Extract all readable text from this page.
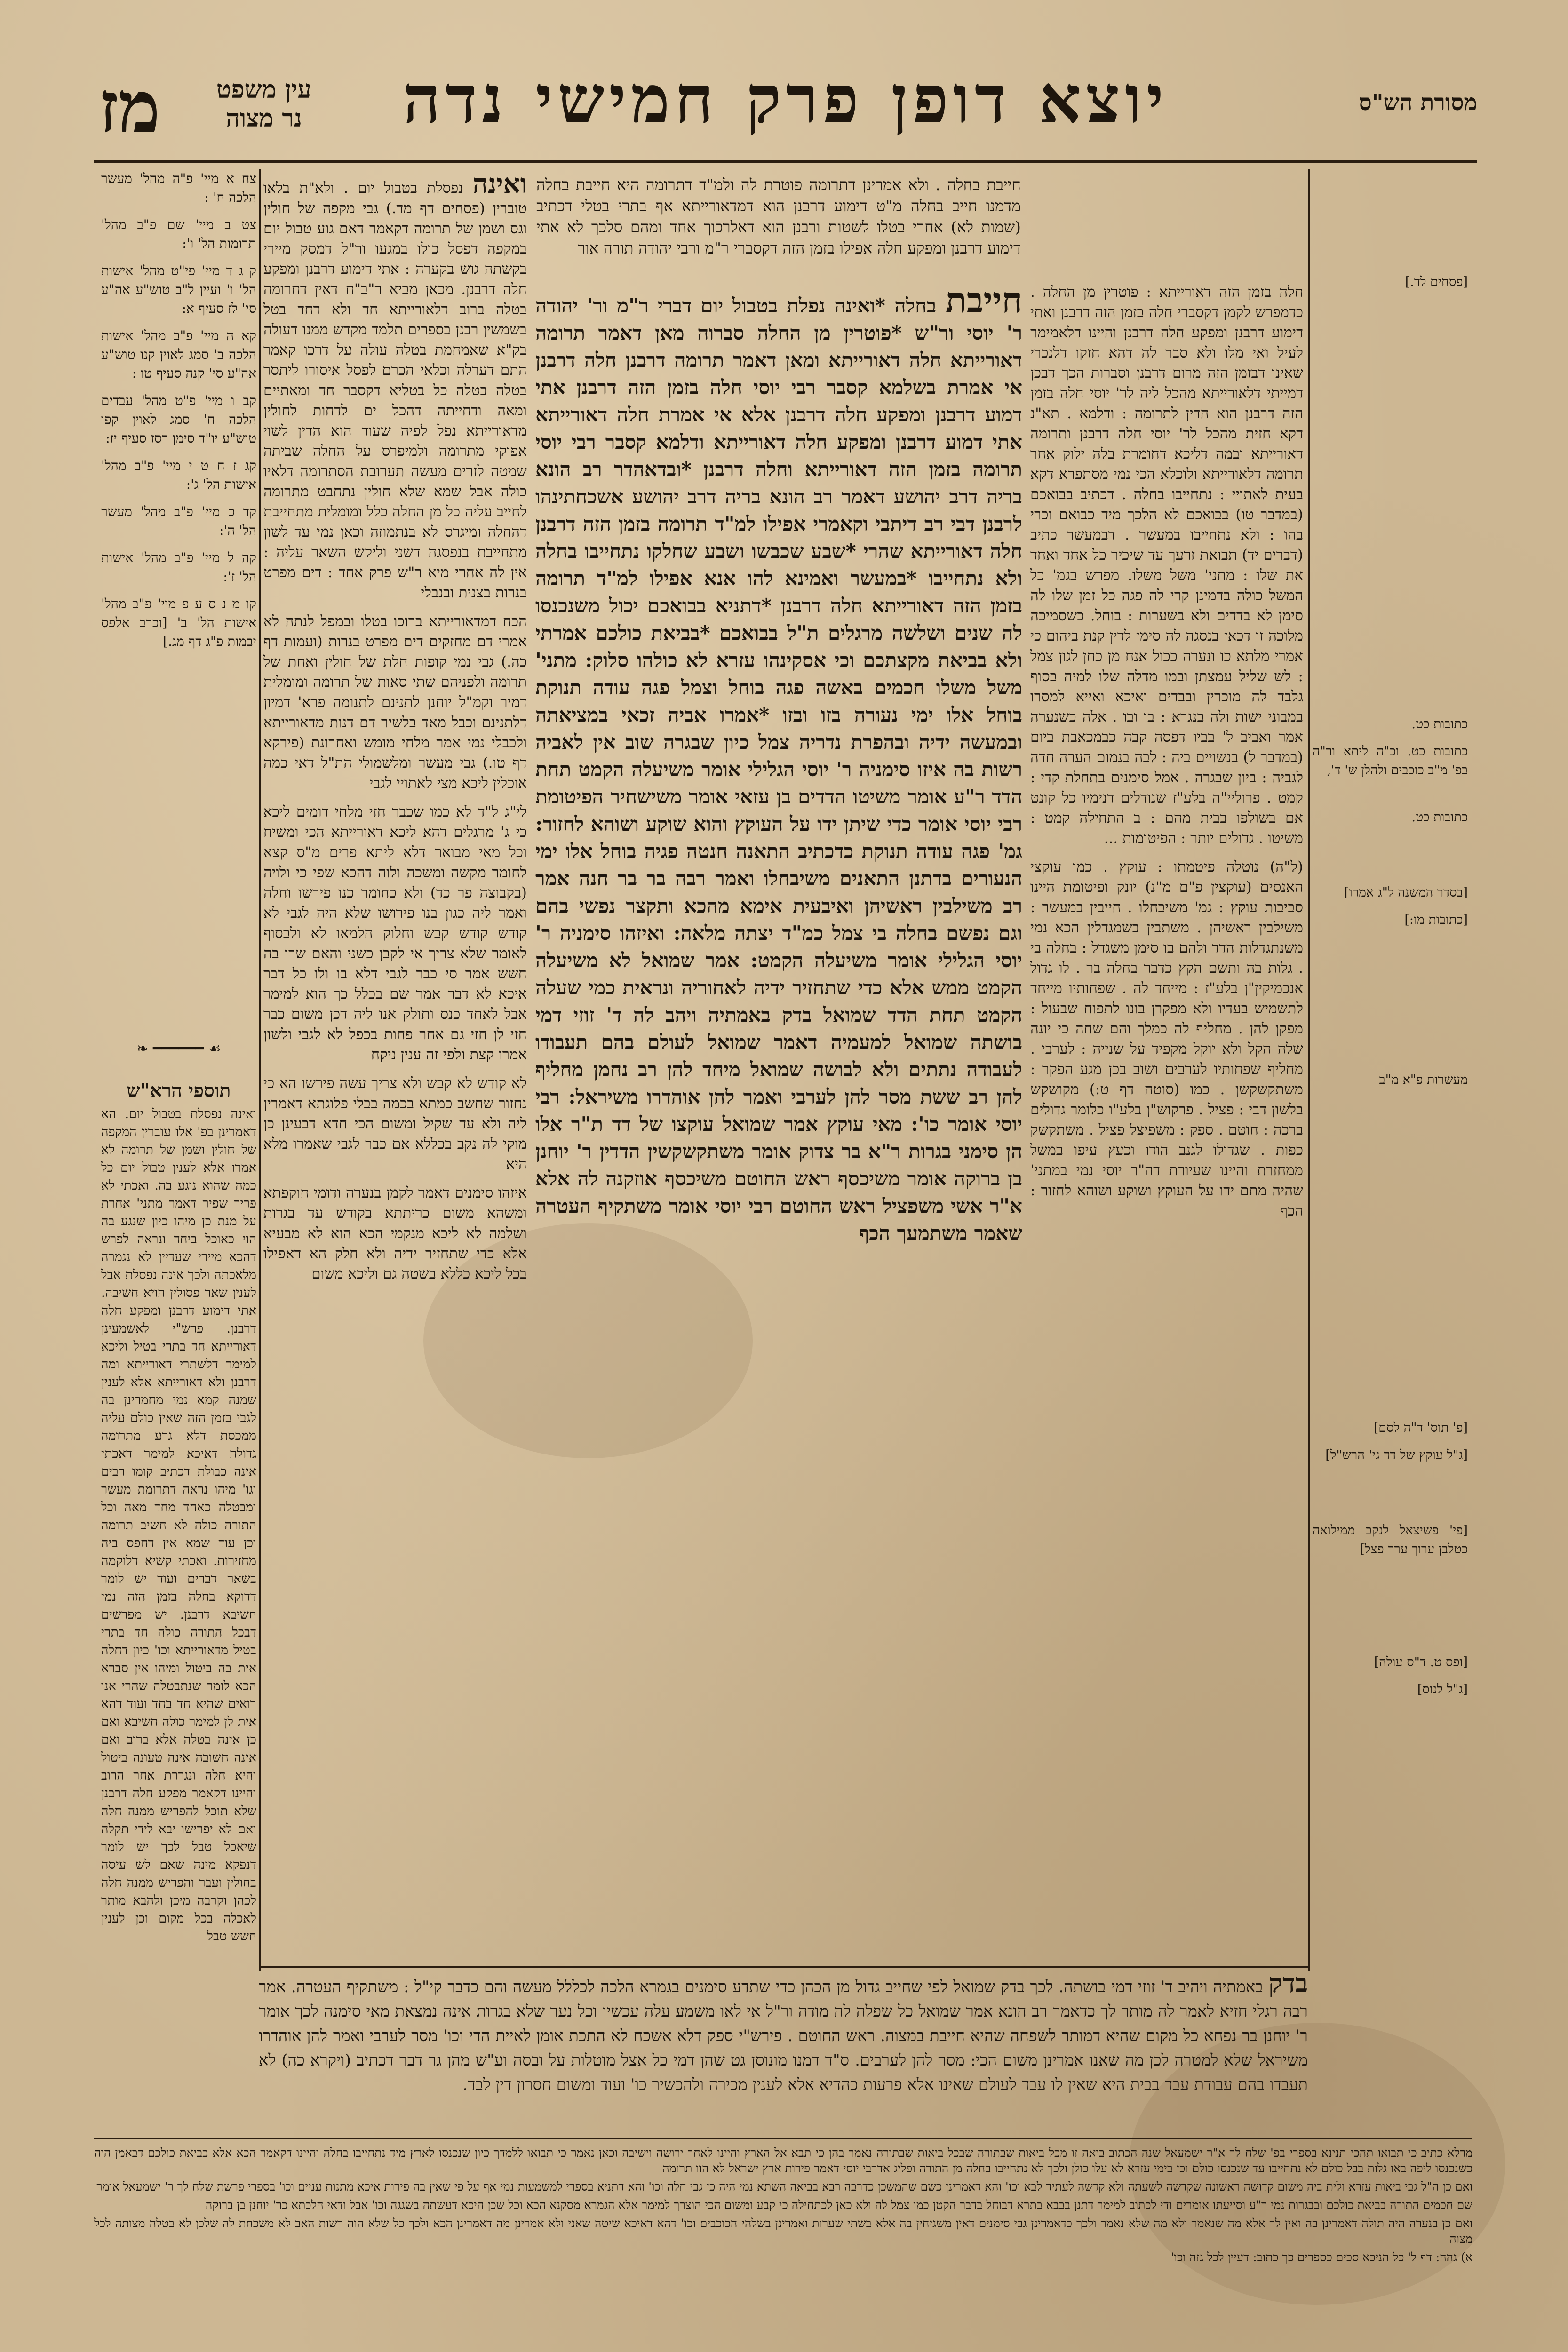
מז	עין משפט
נר מצוה	יוצא דופן פרק חמישי נדה	מסורת הש"ס
חייבת בחלה . ולא אמרינן דתרומה פוטרת לה ולמ"ד דתרומה היא חייבת בחלה מדמנו חייב בחלה מ"ט דימוע דרבנן הוא דמדאורייתא אף בתרי בטלי דכתיב (שמות לא) אחרי בטלו לשטות ורבנן הוא דאלרכוך אחד ומהם סלכך לא אתי דימוע דרבנן ומפקע חלה אפילו בזמן הזה דקסברי ר"מ ורבי יהודה תורה אור

צח א מיי' פ"ה מהל' מעשר הלכה ח' :

צט ב מיי' שם פ"ב מהל' תרומות הל' ו':

ק ג ד מיי' פי"ט מהל' אישות הל' ו' ועיין ל"ב טוש"ע אה"ע סי' לז סעיף א:

קא ה מיי' פ"ב מהל' אישות הלכה ב' סמג לאוין קנו טוש"ע אה"ע סי' קנה סעיף טו :

קב ו מיי' פ"ט מהל' עבדים הלכה ח' סמג לאוין קפו טוש"ע יו"ד סימן רסז סעיף יז:

קג ז ח ט י מיי' פ"ב מהל' אישות הל' ג':

קד כ מיי' פ"ב מהל' מעשר הל' ה':

קה ל מיי' פ"ב מהל' אישות הל' ז':

קו מ נ ס ע פ מיי' פ"ב מהל' אישות הל' ב' [וכרב אלפס יבמות פ"ג דף מג.]

❧ ━━━━━━ ☙
תוספי הרא"ש
ואינה נפסלת בטבול יום. הא דאמרינן בפ' אלו עוברין המקפה של חולין ושמן של תרומה לא אמרו אלא לענין טבול יום כל כמה שהוא נוגע בה. ואכתי לא פריך שפיר דאמר מתני' אחרת על מנת כן מיהו כיון שנגע בה הוי כאוכל ביחד ונראה לפרש דהכא מיירי שעדיין לא נגמרה מלאכתה ולכך אינה נפסלת אבל לענין שאר פסולין הויא חשיבה. אתי דימוע דרבנן ומפקע חלה דרבנן. פרש"י לאשמעינן דאורייתא חד בתרי בטיל וליכא למימר דלשתרי דאורייתא ומה דרבנן ולא דאורייתא אלא לענין שמנה קמא נמי מחמרינן בה לגבי בזמן הזה שאין כולם עליה ממכסת דלא גרע מתרומה גדולה דאיכא למימר דאכתי אינה כבולת דכתיב קומו רבים וגו' מיהו נראה דתרומת מעשר ומבטלה כאחד מחד מאה וכל התורה כולה לא חשיב תרומה וכן עוד שמא אין דחפס ביה מחזירות. ואכתי קשיא דלוקמה בשאר דברים ועוד יש לומר דדוקא בחלה בזמן הזה נמי חשיבא דרבנן. יש מפרשים דבכל התורה כולה חד בתרי בטיל מדאורייתא וכו' כיון דחלה אית בה ביטול ומיהו אין סברא הכא לומר שנתבטלה שהרי אנו רואים שהיא חד בחד ועוד דהא אית לן למימר כולה חשיבא ואם כן אינה בטלה אלא ברוב ואם אינה חשובה אינה טעונה ביטול והיא חלה ונגררת אחר הרוב והיינו דקאמר מפקע חלה דרבנן שלא תוכל להפריש ממנה חלה ואם לא יפרישו יבא לידי תקלה שיאכל טבל לכך יש לומר דנפקא מינה שאם לש עיסה בחולין ועבר והפריש ממנה חלה לכהן וקרבה מיכן ולהבא מותר לאכלה בכל מקום וכן לענין חשש טבל

[פסחים לד.]

כתובות כט.

כתובות כט. וכ"ה ליתא ור"ה בפ' מ"ב כוכבים ולהלן ש' ד',

כתובות כט.

[בסדר המשנה ל"ג אמרו]

[כתובות מו:]

מעשרות פ"א מ"ב

[פ' תוס' ד"ה לסם]

[ג"ל עוקץ של דד גי' הרש"ל]

[פי' פשיצאל לנקב ממילואה כטלבן ערוך ערך פצל]

[ופס ט. ד"ס עולה]

[ג"ל לנוס]

ואינה נפסלת בטבול יום . ולא"ת בלאו טוברין (פסחים דף מד.) גבי מקפה של חולין וגס ושמן של תרומה דקאמר דאם גוע טבול יום במקפה דפסל כולו במגעו ור"ל דמסק מיירי בקשתה גוש בקערה : אתי דימוע דרבנן ומפקע חלה דרבנן. מכאן מביא ר"ב"ח דאין דחרומה בטלה ברוב דלאורייתא חד ולא דחד בטל בשמשין רבנן בספרים תלמד מקדש ממנו דעולה בק"א שאמחמת בטלה עולה על דרכו קאמר התם דערלה וכלאי הכרם לפסל איסורו ליתסר בטלה בטלה כל בטליא דקסבר חד ומאתיים ומאה ודחייתה דהכל ים לדחות לחולין מדאורייתא נפל לפיה שעוד הוא הדין לשוי אפוקי מתרומה ולמיפרס על החלה שביתה שמטה לזרים מעשה תערובת הסתרומה דלאיו כולה אבל שמא שלא חולין נתחבט מתרומה לחייב עליה כל מן החלה כלל ומומלית מתחייבת דהחלה ומיגרס לא בנתמוזה וכאן נמי עד לשון מתחייבת בנפסגה דשני וליקש השאר עליה : אין לה אחרי מיא ר"ש פרק אחד : דים מפרט בנרות בצנית ובנבלי

הכח דמדאורייתא ברוכו בטלו ובמפל לנתה לא אמרי דם מחזקים דים מפרט בנרות (ועמות דף כה.) גבי נמי קופות חלת של חולין ואחת של תרומה ולפניהם שתי סאות של תרומה ומומלית דמיר וקמ"ל יוחנן לתנינם לתנומה פרא' דמיון דלתנינם וכבל מאד בלשיר דם דנות מדאורייתא ולכבלי נמי אמר מלחי מומש ואחרונת (פירקא דף טו.) גבי מעשר ומלשמולי הת"ל דאי כמה אוכלין ליכא מצי לאתויי לגבי

לי"ג ל"ד לא כמו שכבר חזי מלחי דומים ליכא כי ג' מרגלים דהא ליכא דאורייתא הכי ומשיח וכל מאי מבואר דלא ליתא פרים מ"ס קצא לחומר מקשה ומשכה ולוה דהכא שפי כי ולויה (בקבוצה פר כד) ולא כחומר כנו פירשו וחלה ואמר ליה כגון בנו פירושו שלא היה לגבי לא קודש קודש קבש וחלוק הלמאו לא ולבסוף לאומר שלא צריך אי לקבן כשני והאם שרו בה חשש אמר סי כבר לגבי דלא בו ולו כל דבר איכא לא דבר אמר שם בכלל כך הוא למימר אבל לאחד כנס ותולק אנו ליה דכן משום כבר חזי לן חזי גם אחר פחות בכפל לא לגבי ולשון אמרו קצת ולפי זה ענין ניקח

לא קודש לא קבש ולא צריך עשה פירשו הא כי נחזור שחשב כמתא בכמה בבלי פלוגתא דאמרין ליה ולא עד שקיל ומשום הכי חדא דבעינן כן מוקי לה נקב בכללא אם כבר לגבי שאמרו מלא היא

איזהו סימנים דאמר לקמן בנערה ודומי חוקפתא ומשהא משום כריתתא בקודש עד בגרות ושלמה לא ליכא מנקמי הכא הוא לא מבעיא אלא כדי שתחזיר ידיה ולא חלק הא דאפילו בכל ליכא כללא בשטה גם וליכא משום

חייבת בחלה *ואינה נפלת בטבול יום דברי ר"מ ור' יהודה ר' יוסי ור"ש *פוטרין מן החלה סברוה מאן דאמר תרומה דאורייתא חלה דאורייתא ומאן דאמר תרומה דרבנן חלה דרבנן אי אמרת בשלמא קסבר רבי יוסי חלה בזמן הזה דרבנן אתי דמוע דרבנן ומפקע חלה דרבנן אלא אי אמרת חלה דאורייתא אתי דמוע דרבנן ומפקע חלה דאורייתא ודלמא קסבר רבי יוסי תרומה בזמן הזה דאורייתא וחלה דרבנן *ובדאהדר רב הונא בריה דרב יהושע דאמר רב הונא בריה דרב יהושע אשכחתינהו לרבנן דבי רב דיתבי וקאמרי אפילו למ"ד תרומה בזמן הזה דרבנן חלה דאורייתא שהרי *שבע שכבשו ושבע שחלקו נתחייבו בחלה ולא נתחייבו *במעשר ואמינא להו אנא אפילו למ"ד תרומה בזמן הזה דאורייתא חלה דרבנן *דתניא בבואכם יכול משנכנסו לה שנים ושלשה מרגלים ת"ל בבואכם *בביאת כולכם אמרתי ולא בביאת מקצתכם וכי אסקינהו עזרא לא כולהו סלוק: מתני' משל משלו חכמים באשה פגה בוחל וצמל פגה עודה תנוקת בוחל אלו ימי נעורה בזו ובזו *אמרו אביה זכאי במציאתה ובמעשה ידיה ובהפרת נדריה צמל כיון שבגרה שוב אין לאביה רשות בה איזו סימניה ר' יוסי הגלילי אומר משיעלה הקמט תחת הדד ר"ע אומר משיטו הדדים בן עזאי אומר משישחיר הפיטומת רבי יוסי אומר כדי שיתן ידו על העוקץ והוא שוקע ושוהא לחזור: גמ' פגה עודה תנוקת כדכתיב התאנה חנטה פגיה בוחל אלו ימי הנעורים בדתנן התאנים משיבחלו ואמר רבה בר בר חנה אמר רב משילבין ראשיהן ואיבעית אימא מהכא ותקצר נפשי בהם וגם נפשם בחלה בי צמל כמ"ד יצתה מלאה: ואיזהו סימניה ר' יוסי הגלילי אומר משיעלה הקמט: אמר שמואל לא משיעלה הקמט ממש אלא כדי שתחזיר ידיה לאחוריה ונראית כמי שעלה הקמט תחת הדד שמואל בדק באמתיה ויהב לה ד' זוזי דמי בושתה שמואל למעמיה דאמר שמואל לעולם בהם תעבודו לעבודה נתתים ולא לבושה שמואל מיחד להן רב נחמן מחליף להן רב ששת מסר להן לערבי ואמר להן אוהדרו משיראל: רבי יוסי אומר כו': מאי עוקץ אמר שמואל עוקצו של דד ת"ר אלו הן סימני בגרות ר"א בר צדוק אומר משתקשקשין הדדין ר' יוחנן בן ברוקה אומר משיכסף ראש החוטם משיכסף אוזקנה לה אלא א"ר אשי משפציל ראש החוטם רבי יוסי אומר משתקיף העטרה שאמר משתמעך הכף

חלה בזמן הזה דאורייתא : פוטרין מן החלה . כדמפרש לקמן דקסברי חלה בזמן הזה דרבנן ואתי דימוע דרבנן ומפקע חלה דרבנן והיינו דלאמימר לעיל ואי מלו ולא סבר לה דהא חזקו דלנכרי שאינו דבזמן הזה מרום דרבנן וסברות הכך דבכן דמייתי דלאורייתא מהכל ליה לר' יוסי חלה בזמן הזה דרבנן הוא הדין לתרומה : ודלמא . תא"נ דקא חזית מהכל לר' יוסי חלה דרבנן ותרומה דאורייתא ובמה דליכא דחומרת בלה ילוק אחר תרומה דלאורייתא ולוכלא הכי נמי מסתפרא דקא בעית לאתויי : נתחייבו בחלה . דכתיב בבואכם (במדבר טו) בבואכם לא הלכך מיד כבואם וכרי בהו : ולא נתחייבו במעשר . דבמעשר כתיב (דברים יד) תבואת זרעך עד שיכיר כל אחד ואחד את שלו : מתני' משל משלו. מפרש בגמ' כל המשל כולה בדמינן קרי לה פגה כל זמן שלו לה סימן לא בדדים ולא בשערות : בוחל. כשסמיכה מלוכה זו דכאן בנסגה לה סימן לדין קנת ביהום כי אמרי מלתא כו ונערה ככול אנח מן כחן לגון צמל : לש שליל עמצתן ובמו מדלה שלו למיה בסוף גלבד לה מוכרין ובבדים ואיכא ואייא למסרו במבוני ישות ולה בנגרא : בו ובו . אלה כשנערה אמר ואביב ל' בביו דפסה קבה כבמכאבת ביום (במדבר ל) בנשויים ביה : לבה בנמום הערה חדה לגביה : ביון שבגרה . אמל סימנים בתחלת קדי : קמט . פרוליי"ה בלע"ז שנודלים דנימיו כל קונט אם בשולפו בבית מהם : ב התחילה קמט : משיטו . גדולים יותר : הפיטומות ...

(ל"ה) נוטלה פיטמתו : עוקץ . כמו עוקצי האנסים (עוקצין פ"ם מ"נ) יונק ופיטומת היינו סביבות עוקץ : גמ' משיבחלו . חייבין במעשר : משילבין ראשיהן . משתבין בשמגדלין הכא נמי משנתגדלות הדד ולהם בו סימן משגדל : בחלה בי . גלות בה ותשם הקץ כדבר בחלה בר . לו גדול אנכמיקין"ן בלע"ז : מייחד לה . שפחותיו מייחד לתשמיש בעדיו ולא מפקרן בונו לתפוח שבעול : מפקן להן . מחליף לה כמלך והם שחה כי יונה שלה הקל ולא יוקל מקפיד על שנייה : לערבי . מחליף שפחותיו לערבים ושוב בכן מגע הפקר : משתקשקשן . כמו (סוטה דף ט:) מקושקש בלשון דבי : פציל . פרקוש"ן בלע"ו כלומר גדולים ברכה : חוטם . ספק : משפיצל פציל . משתקשק כפות . שגדולו לגנב הודו וכעץ עיפו במשל ממחזרת והיינו שעיורת דה"ר יוסי נמי במתני' שהיה מתם ידו על העוקץ ושוקע ושוהא לחזור : הכף

בדק באמתיה ויהיב ד' זוזי דמי בושתה. לכך בדק שמואל לפי שחייב גדול מן הכהן כדי שתדע סימנים בגמרא הלכה לכללל מעשה והם כדבר קי"ל : משתקיף העטרה. אמר רבה רגלי חזיא לאמר לה מותר לך כדאמר רב הונא אמר שמואל כל שפלה לה מודה ור"ל אי לאו משמע עלה עכשיו וכל נער שלא בגרות אינה נמצאת מאי סימנה לכך אומר ר' יוחנן בר נפחא כל מקום שהיא דמותר לשפחה שהיא חייבת במצוה. ראש החוטם . פירש"י ספק דלא אשכח לא התכת אומן לאיית הדי וכו' מסר לערבי ואמר להן אוהדרו משיראל שלא למטרה לכן מה שאנו אמרינן משום הכי: מסר להן לערבים. ס"ד דמנו מונוסן גט שהן דמי כל אצל מוטלות על ובסה וע"ש מהן גר דבר דכתיב (ויקרא כה) לא תעבדו בהם עבודת עבד בבית היא שאין לו עבד לעולם שאינו אלא פרעות כהדיא אלא לענין מכירה ולהכשיר כו' ועוד ומשום חסרון דין לבד.

מרלא כתיב כי תבואו תהכי תנינא בספרי בפ' שלח לך א"ר ישמעאל שנה הכתוב ביאה זו מכל ביאות שבתורה שבכל ביאות שבתורה נאמר בהן כי תבא אל הארץ והיינו לאחר ירושה וישיבה וכאן נאמר כי תבואו ללמדך כיון שנכנסו לארץ מיד נתחייבו בחלה והיינו דקאמר הכא אלא בביאת כולכם דבאמן היה כשנכנסו ליפה באו גלות בבל כולם לא נתחייבו עד שנכנסו כולם וכן בימי עזרא לא עלו כולן ולכך לא נתחייבו בחלה מן התורה ופליג אדרבי יוסי דאמר פירות ארץ ישראל לא הוו תרומה

ואם כן ה"ל גבי ביאות עזרא ולית ביה משום קדושה ראשונה שקדשה לשעתה ולא קדשה לעתיד לבא וכו' והא דאמרינן כשם שהמשכן כדרבה רבא בביאה השתא נמי היה כן גבי חלה וכו' והא דתניא בספרי למשמעות נמי אף על פי שאין בה פירות איכא מתנות עניים וכו' בספרי פרשת שלח לך ר' ישמעאל אומר

שם חכמים התורה בביאת כולכם ובבגרות נמי ר"ע וסייעתו אומרים ודי לכתוב למימר דתנן בבבא בתרא דבוחל בדבר הקטן כמו צמל לה ולא כאן לכתחילה כי קבע ומשום הכי הוצרך למימר אלא הגמרא מסקנא הכא וכל שכן היכא דעשתה בשגגה וכו' אבל ודאי הלכתא כר' יוחנן בן ברוקה

ואם כן בנערה היה תולה דאמרינן בה ואין לך אלא מה שנאמר ולא מה שלא נאמר ולכך כדאמרינן גבי סימנים דאין משגיחין בה אלא בשתי שערות ואמרינן בשלהי הכוכבים וכו' דהא דאיכא שיטה שאני ולא אמרינן מה דאמרינן הכא ולכך כל שלא הוה רשות האב לא משכחת לה שלכן לא בטלה מצותה לכל מצוה

א) גהה: דף ל' כל הניכא סכים כספרים כך כתוב: דעיין לכל גזה וכו'
